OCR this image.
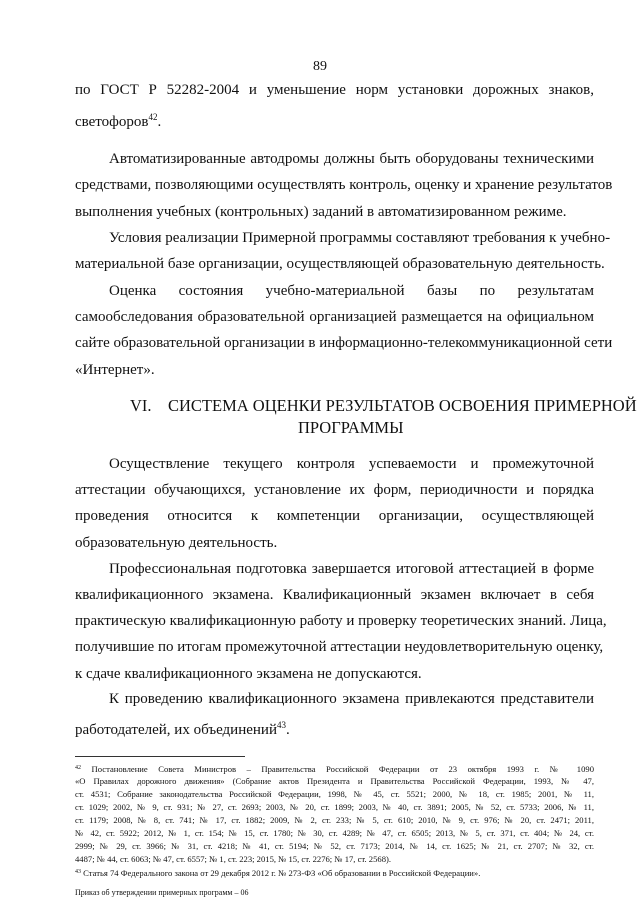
89
по ГОСТ Р 52282-2004 и уменьшение норм установки дорожных знаков,
светофоров$^{42}$.
Автоматизированные автодромы должны быть оборудованы техническими
средствами, позволяющими осуществлять контроль, оценку и хранение результатов
выполнения учебных (контрольных) заданий в автоматизированном режиме.
Условия реализации Примерной программы составляют требования к учебно-
материальной базе организации, осуществляющей образовательную деятельность.
Оценка состояния учебно-материальной базы по результатам
самообследования образовательной организацией размещается на официальном
сайте образовательной организации в информационно-телекоммуникационной сети
«Интернет».
VI. СИСТЕМА ОЦЕНКИ РЕЗУЛЬТАТОВ ОСВОЕНИЯ ПРИМЕРНОЙ
ПРОГРАММЫ
Осуществление текущего контроля успеваемости и промежуточной
аттестации обучающихся, установление их форм, периодичности и порядка
проведения относится к компетенции организации, осуществляющей
образовательную деятельность.
Профессиональная подготовка завершается итоговой аттестацией в форме
квалификационного экзамена. Квалификационный экзамен включает в себя
практическую квалификационную работу и проверку теоретических знаний. Лица,
получившие по итогам промежуточной аттестации неудовлетворительную оценку,
к сдаче квалификационного экзамена не допускаются.
К проведению квалификационного экзамена привлекаются представители
работодателей, их объединений$^{43}$.
$^{42}$ Постановление Совета Министров – Правительства Российской Федерации от 23 октября 1993 г. № 1090
«О Правилах дорожного движения» (Собрание актов Президента и Правительства Российской Федерации, 1993, № 47,
ст. 4531; Собрание законодательства Российской Федерации, 1998, № 45, ст. 5521; 2000, № 18, ст. 1985; 2001, № 11,
ст. 1029; 2002, № 9, ст. 931; № 27, ст. 2693; 2003, № 20, ст. 1899; 2003, № 40, ст. 3891; 2005, № 52, ст. 5733; 2006, № 11,
ст. 1179; 2008, № 8, ст. 741; № 17, ст. 1882; 2009, № 2, ст. 233; № 5, ст. 610; 2010, № 9, ст. 976; № 20, ст. 2471; 2011,
№ 42, ст. 5922; 2012, № 1, ст. 154; № 15, ст. 1780; № 30, ст. 4289; № 47, ст. 6505; 2013, № 5, ст. 371, ст. 404; № 24, ст.
2999; № 29, ст. 3966; № 31, ст. 4218; № 41, ст. 5194; № 52, ст. 7173; 2014, № 14, ст. 1625; № 21, ст. 2707; № 32, ст.
4487; № 44, ст. 6063; № 47, ст. 6557; № 1, ст. 223; 2015, № 15, ст. 2276; № 17, ст. 2568).
$^{43}$ Статья 74 Федерального закона от 29 декабря 2012 г. № 273-ФЗ «Об образовании в Российской Федерации».
Приказ об утверждении примерных программ – 06
